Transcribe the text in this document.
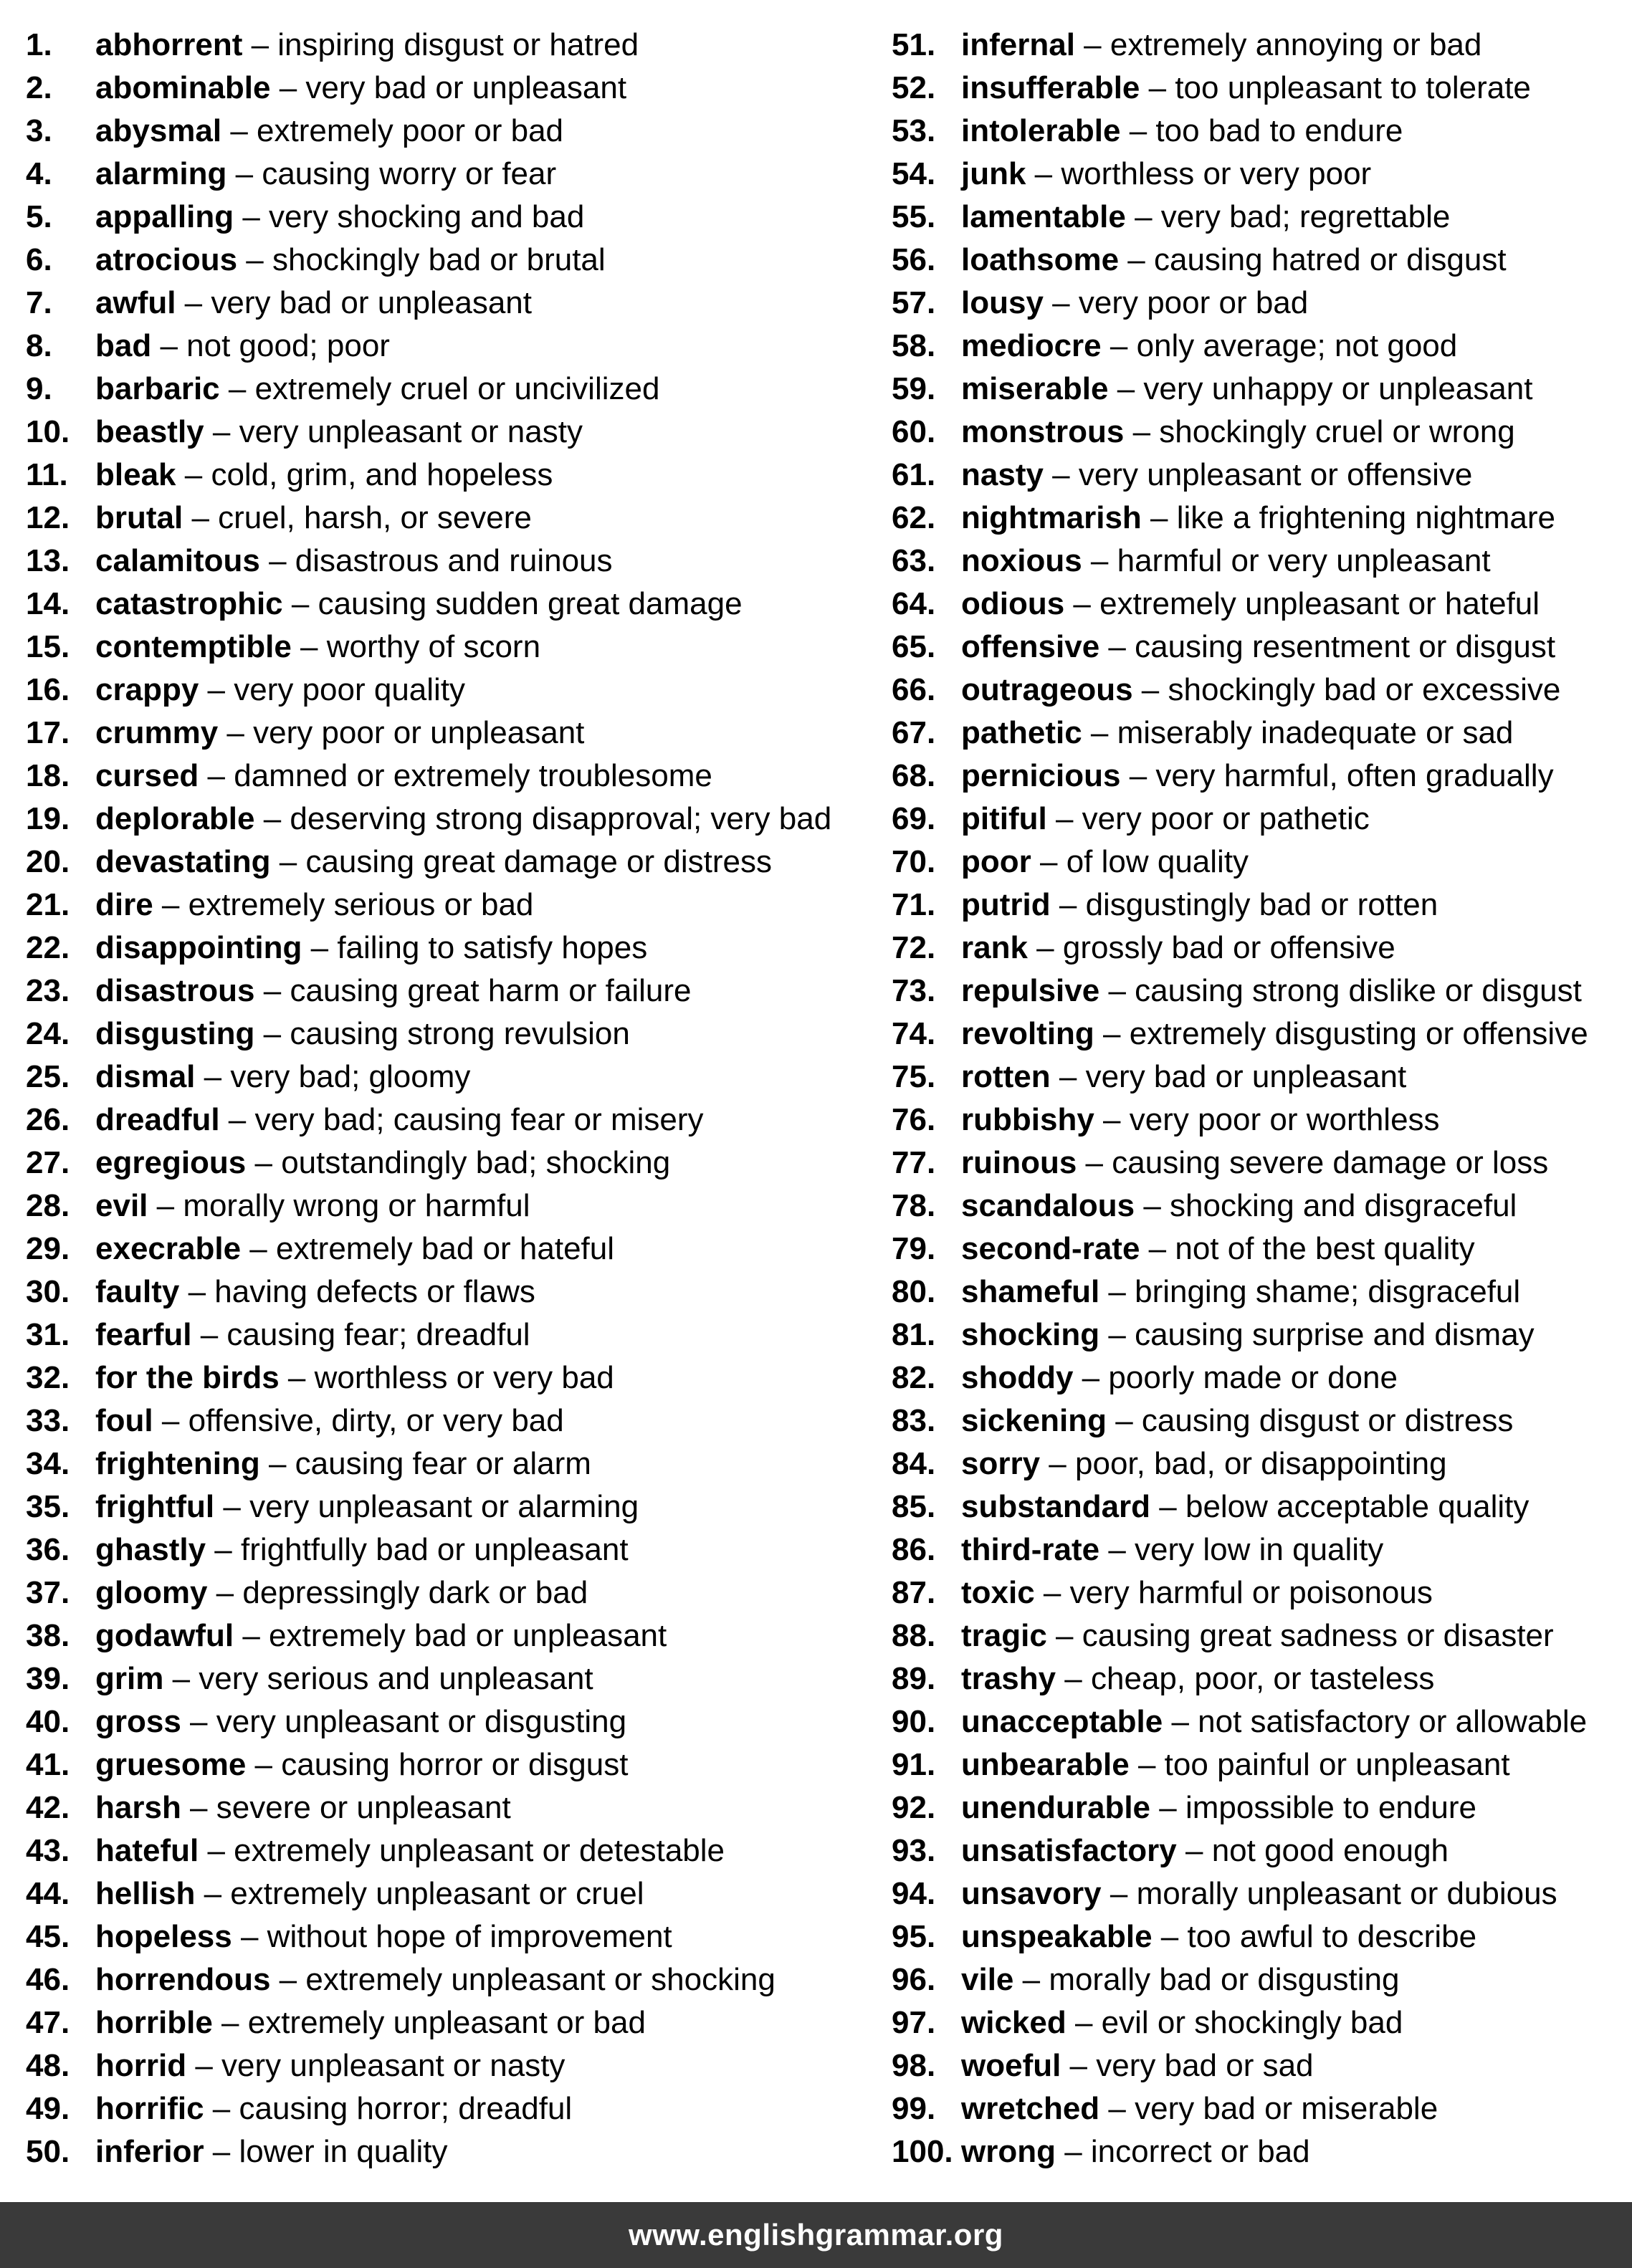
1. abhorrent – inspiring disgust or hatred
2. abominable – very bad or unpleasant
3. abysmal – extremely poor or bad
4. alarming – causing worry or fear
5. appalling – very shocking and bad
6. atrocious – shockingly bad or brutal
7. awful – very bad or unpleasant
8. bad – not good; poor
9. barbaric – extremely cruel or uncivilized
10. beastly – very unpleasant or nasty
11. bleak – cold, grim, and hopeless
12. brutal – cruel, harsh, or severe
13. calamitous – disastrous and ruinous
14. catastrophic – causing sudden great damage
15. contemptible – worthy of scorn
16. crappy – very poor quality
17. crummy – very poor or unpleasant
18. cursed – damned or extremely troublesome
19. deplorable – deserving strong disapproval; very bad
20. devastating – causing great damage or distress
21. dire – extremely serious or bad
22. disappointing – failing to satisfy hopes
23. disastrous – causing great harm or failure
24. disgusting – causing strong revulsion
25. dismal – very bad; gloomy
26. dreadful – very bad; causing fear or misery
27. egregious – outstandingly bad; shocking
28. evil – morally wrong or harmful
29. execrable – extremely bad or hateful
30. faulty – having defects or flaws
31. fearful – causing fear; dreadful
32. for the birds – worthless or very bad
33. foul – offensive, dirty, or very bad
34. frightening – causing fear or alarm
35. frightful – very unpleasant or alarming
36. ghastly – frightfully bad or unpleasant
37. gloomy – depressingly dark or bad
38. godawful – extremely bad or unpleasant
39. grim – very serious and unpleasant
40. gross – very unpleasant or disgusting
41. gruesome – causing horror or disgust
42. harsh – severe or unpleasant
43. hateful – extremely unpleasant or detestable
44. hellish – extremely unpleasant or cruel
45. hopeless – without hope of improvement
46. horrendous – extremely unpleasant or shocking
47. horrible – extremely unpleasant or bad
48. horrid – very unpleasant or nasty
49. horrific – causing horror; dreadful
50. inferior – lower in quality
51. infernal – extremely annoying or bad
52. insufferable – too unpleasant to tolerate
53. intolerable – too bad to endure
54. junk – worthless or very poor
55. lamentable – very bad; regrettable
56. loathsome – causing hatred or disgust
57. lousy – very poor or bad
58. mediocre – only average; not good
59. miserable – very unhappy or unpleasant
60. monstrous – shockingly cruel or wrong
61. nasty – very unpleasant or offensive
62. nightmarish – like a frightening nightmare
63. noxious – harmful or very unpleasant
64. odious – extremely unpleasant or hateful
65. offensive – causing resentment or disgust
66. outrageous – shockingly bad or excessive
67. pathetic – miserably inadequate or sad
68. pernicious – very harmful, often gradually
69. pitiful – very poor or pathetic
70. poor – of low quality
71. putrid – disgustingly bad or rotten
72. rank – grossly bad or offensive
73. repulsive – causing strong dislike or disgust
74. revolting – extremely disgusting or offensive
75. rotten – very bad or unpleasant
76. rubbishy – very poor or worthless
77. ruinous – causing severe damage or loss
78. scandalous – shocking and disgraceful
79. second-rate – not of the best quality
80. shameful – bringing shame; disgraceful
81. shocking – causing surprise and dismay
82. shoddy – poorly made or done
83. sickening – causing disgust or distress
84. sorry – poor, bad, or disappointing
85. substandard – below acceptable quality
86. third-rate – very low in quality
87. toxic – very harmful or poisonous
88. tragic – causing great sadness or disaster
89. trashy – cheap, poor, or tasteless
90. unacceptable – not satisfactory or allowable
91. unbearable – too painful or unpleasant
92. unendurable – impossible to endure
93. unsatisfactory – not good enough
94. unsavory – morally unpleasant or dubious
95. unspeakable – too awful to describe
96. vile – morally bad or disgusting
97. wicked – evil or shockingly bad
98. woeful – very bad or sad
99. wretched – very bad or miserable
100. wrong – incorrect or bad
www.englishgrammar.org
